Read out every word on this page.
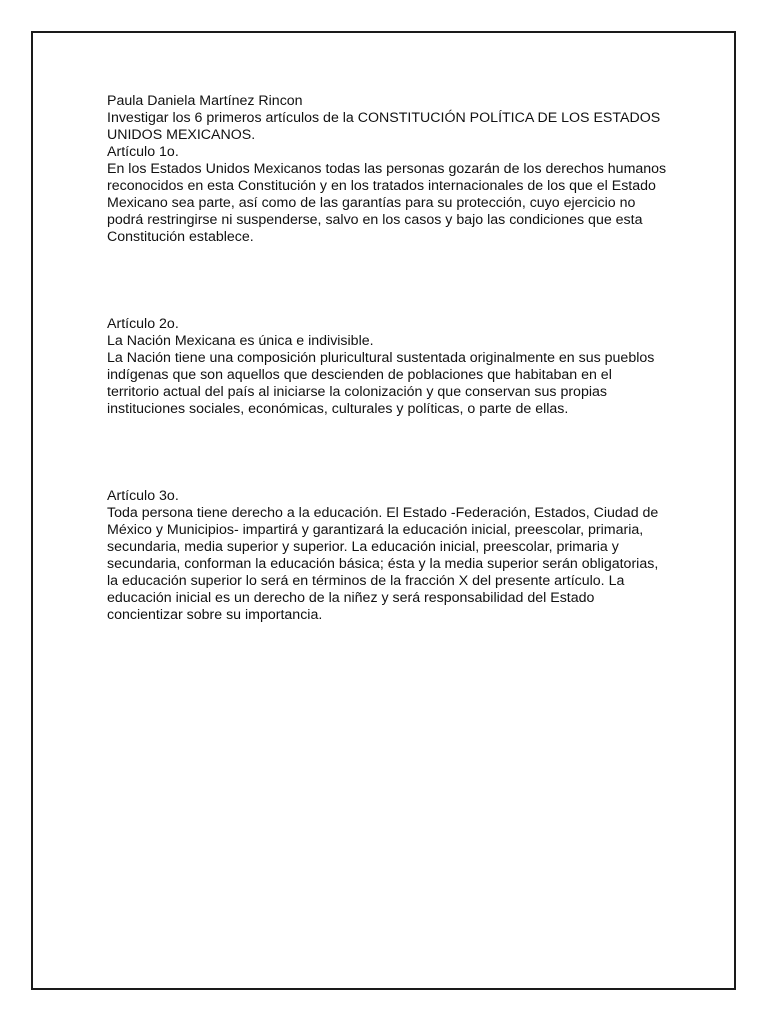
Paula Daniela Martínez Rincon

Investigar los 6 primeros artículos de la CONSTITUCIÓN POLÍTICA DE LOS ESTADOS UNIDOS MEXICANOS.

Artículo 1o.

En los Estados Unidos Mexicanos todas las personas gozarán de los derechos humanos reconocidos en esta Constitución y en los tratados internacionales de los que el Estado Mexicano sea parte, así como de las garantías para su protección, cuyo ejercicio no podrá restringirse ni suspenderse, salvo en los casos y bajo las condiciones que esta Constitución establece.

Artículo 2o.

La Nación Mexicana es única e indivisible.

La Nación tiene una composición pluricultural sustentada originalmente en sus pueblos indígenas que son aquellos que descienden de poblaciones que habitaban en el territorio actual del país al iniciarse la colonización y que conservan sus propias instituciones sociales, económicas, culturales y políticas, o parte de ellas.

Artículo 3o.

Toda persona tiene derecho a la educación. El Estado -Federación, Estados, Ciudad de México y Municipios- impartirá y garantizará la educación inicial, preescolar, primaria, secundaria, media superior y superior. La educación inicial, preescolar, primaria y secundaria, conforman la educación básica; ésta y la media superior serán obligatorias, la educación superior lo será en términos de la fracción X del presente artículo. La educación inicial es un derecho de la niñez y será responsabilidad del Estado concientizar sobre su importancia.
